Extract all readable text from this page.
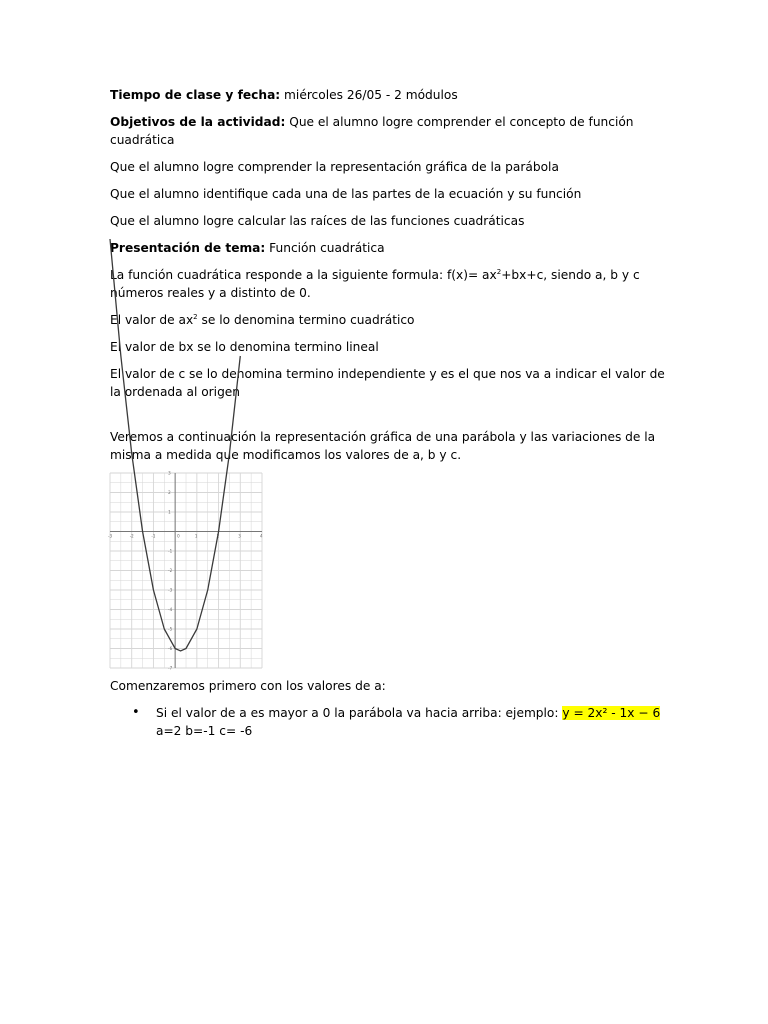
Tiempo de clase y fecha: miércoles 26/05 - 2 módulos

Objetivos de la actividad: Que el alumno logre comprender el concepto de función cuadrática

Que el alumno logre comprender la representación gráfica de la parábola

Que el alumno identifique cada una de las partes de la ecuación y su función

Que el alumno logre calcular las raíces de las funciones cuadráticas

Presentación de tema: Función cuadrática

La función cuadrática responde a la siguiente formula: $f(x)= ax^2+bx+c$, siendo a, b y c números reales y a distinto de 0.

El valor de $ax^2$ se lo denomina termino cuadrático

El valor de bx se lo denomina termino lineal

El valor de c se lo denomina termino independiente y es el que nos va a indicar el valor de la ordenada al origen

Veremos a continuación la representación gráfica de una parábola y las variaciones de la misma a medida que modificamos los valores de a, b y c.

-3	-2	-1	0	1	2	3	4
3
2
1
-1
-2
-3
-4
-5
-6
-7

Comenzaremos primero con los valores de a:

• Si el valor de a es mayor a 0 la parábola va hacia arriba: ejemplo: y = 2x² - 1x − 6 a=2 b=-1 c= -6
